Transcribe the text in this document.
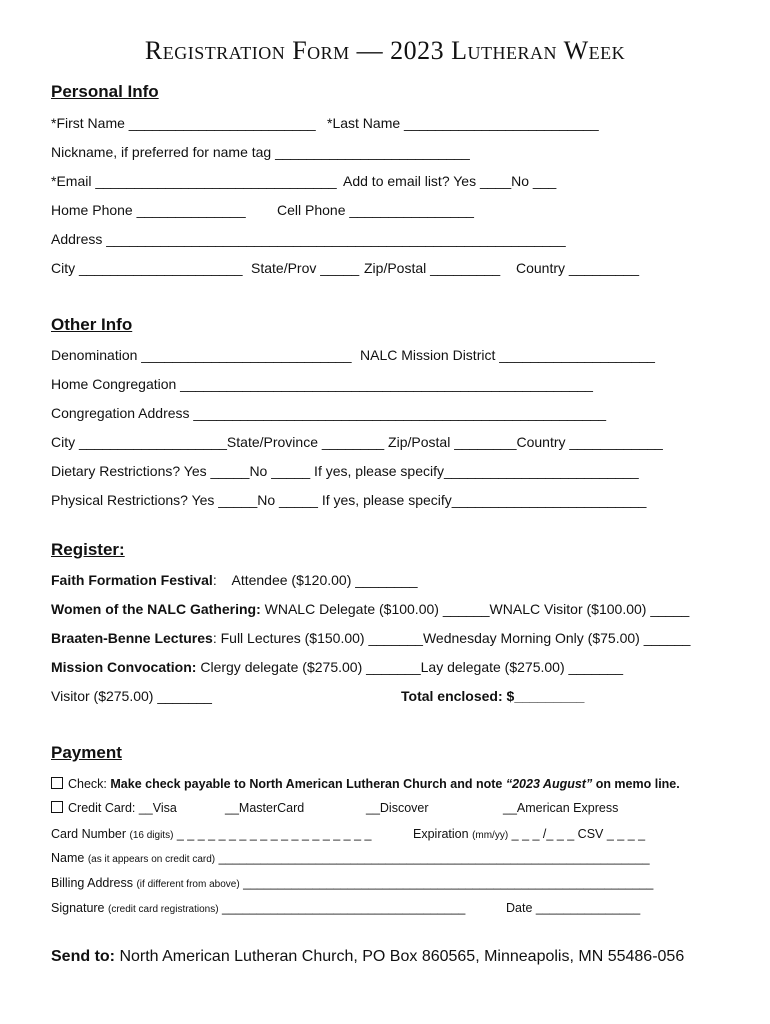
Registration Form — 2023 Lutheran Week
Personal Info
*First Name ________________________ *Last Name _________________________
Nickname, if preferred for name tag _________________________
*Email _______________________________ Add to email list? Yes ____No ___
Home Phone ______________ Cell Phone ________________
Address ___________________________________________________________
City _____________________ State/Prov _____ Zip/Postal _________ Country _________
Other Info
Denomination ___________________________ NALC Mission District ____________________
Home Congregation _____________________________________________________
Congregation Address _____________________________________________________
City ___________________State/Province ________ Zip/Postal ________Country ____________
Dietary Restrictions? Yes _____No _____ If yes, please specify_________________________
Physical Restrictions? Yes _____No _____ If yes, please specify_________________________
Register:
Faith Formation Festival:    Attendee ($120.00) ________
Women of the NALC Gathering: WNALC Delegate ($100.00) ______WNALC Visitor ($100.00) _____
Braaten-Benne Lectures: Full Lectures ($150.00) _______Wednesday Morning Only ($75.00) ______
Mission Convocation: Clergy delegate ($275.00) _______Lay delegate ($275.00) _______
Visitor ($275.00) _______	Total enclosed: $_________
Payment
Check: Make check payable to North American Lutheran Church and note “2023 August” on memo line.
Credit Card: __Visa	__MasterCard	__Discover	__American Express
Card Number (16 digits) _ _ _ _ _ _ _ _ _ _ _ _ _ _ _ _ _ _ _	Expiration (mm/yy) _ _ _ /_ _ _ CSV _ _ _ _
Name (as it appears on credit card) ______________________________________________________________
Billing Address (if different from above) ___________________________________________________________
Signature (credit card registrations) ___________________________________	Date _______________
Send to: North American Lutheran Church, PO Box 860565, Minneapolis, MN 55486-056
